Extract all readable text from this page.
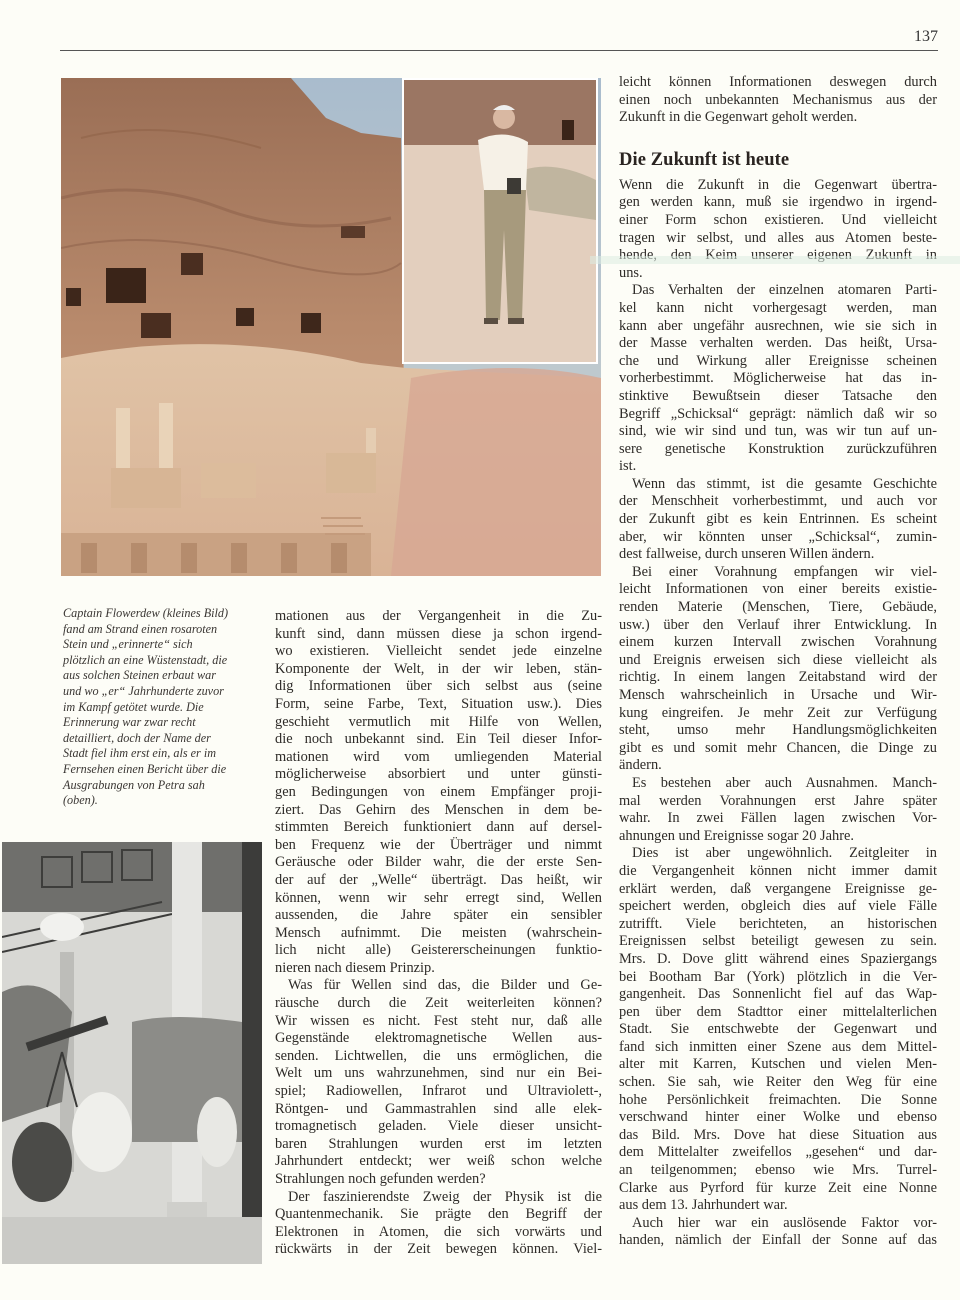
137
Captain Flowerdew (kleines Bild)
fand am Strand einen rosaroten
Stein und „erinnerte“ sich
plötzlich an eine Wüstenstadt, die
aus solchen Steinen erbaut war
und wo „er“ Jahrhunderte zuvor
im Kampf getötet wurde. Die
Erinnerung war zwar recht
detailliert, doch der Name der
Stadt fiel ihm erst ein, als er im
Fernsehen einen Bericht über die
Ausgrabungen von Petra sah
(oben).
mationen aus der Vergangenheit in die Zu-
kunft sind, dann müssen diese ja schon irgend-
wo existieren. Vielleicht sendet jede einzelne
Komponente der Welt, in der wir leben, stän-
dig Informationen über sich selbst aus (seine
Form, seine Farbe, Text, Situation usw.). Dies
geschieht vermutlich mit Hilfe von Wellen,
die noch unbekannt sind. Ein Teil dieser Infor-
mationen wird vom umliegenden Material
möglicherweise absorbiert und unter günsti-
gen Bedingungen von einem Empfänger proji-
ziert. Das Gehirn des Menschen in dem be-
stimmten Bereich funktioniert dann auf dersel-
ben Frequenz wie der Überträger und nimmt
Geräusche oder Bilder wahr, die der erste Sen-
der auf der „Welle“ überträgt. Das heißt, wir
können, wenn wir sehr erregt sind, Wellen
aussenden, die Jahre später ein sensibler
Mensch aufnimmt. Die meisten (wahrschein-
lich nicht alle) Geistererscheinungen funktio-
nieren nach diesem Prinzip.
Was für Wellen sind das, die Bilder und Ge-
räusche durch die Zeit weiterleiten können?
Wir wissen es nicht. Fest steht nur, daß alle
Gegenstände elektromagnetische Wellen aus-
senden. Lichtwellen, die uns ermöglichen, die
Welt um uns wahrzunehmen, sind nur ein Bei-
spiel; Radiowellen, Infrarot und Ultraviolett-,
Röntgen- und Gammastrahlen sind alle elek-
tromagnetisch geladen. Viele dieser unsicht-
baren Strahlungen wurden erst im letzten
Jahrhundert entdeckt; wer weiß schon welche
Strahlungen noch gefunden werden?
Der faszinierendste Zweig der Physik ist die
Quantenmechanik. Sie prägte den Begriff der
Elektronen in Atomen, die sich vorwärts und
rückwärts in der Zeit bewegen können. Viel-
leicht können Informationen deswegen durch
einen noch unbekannten Mechanismus aus der
Zukunft in die Gegenwart geholt werden.
Die Zukunft ist heute
Wenn die Zukunft in die Gegenwart übertra-
gen werden kann, muß sie irgendwo in irgend-
einer Form schon existieren. Und vielleicht
tragen wir selbst, und alles aus Atomen beste-
uns.
Das Verhalten der einzelnen atomaren Parti-
kel kann nicht vorhergesagt werden, man
kann aber ungefähr ausrechnen, wie sie sich in
der Masse verhalten werden. Das heißt, Ursa-
che und Wirkung aller Ereignisse scheinen
vorherbestimmt. Möglicherweise hat das in-
stinktive Bewußtsein dieser Tatsache den
Begriff „Schicksal“ geprägt: nämlich daß wir so
sind, wie wir sind und tun, was wir tun auf un-
sere genetische Konstruktion zurückzuführen
ist.
Wenn das stimmt, ist die gesamte Geschichte
der Menschheit vorherbestimmt, und auch vor
der Zukunft gibt es kein Entrinnen. Es scheint
aber, wir könnten unser „Schicksal“, zumin-
dest fallweise, durch unseren Willen ändern.
Bei einer Vorahnung empfangen wir viel-
leicht Informationen von einer bereits existie-
renden Materie (Menschen, Tiere, Gebäude,
usw.) über den Verlauf ihrer Entwicklung. In
einem kurzen Intervall zwischen Vorahnung
und Ereignis erweisen sich diese vielleicht als
richtig. In einem langen Zeitabstand wird der
Mensch wahrscheinlich in Ursache und Wir-
kung eingreifen. Je mehr Zeit zur Verfügung
steht, umso mehr Handlungsmöglichkeiten
gibt es und somit mehr Chancen, die Dinge zu
ändern.
Es bestehen aber auch Ausnahmen. Manch-
mal werden Vorahnungen erst Jahre später
wahr. In zwei Fällen lagen zwischen Vor-
ahnungen und Ereignisse sogar 20 Jahre.
Dies ist aber ungewöhnlich. Zeitgleiter in
die Vergangenheit können nicht immer damit
erklärt werden, daß vergangene Ereignisse ge-
speichert werden, obgleich dies auf viele Fälle
zutrifft. Viele berichteten, an historischen
Ereignissen selbst beteiligt gewesen zu sein.
Mrs. D. Dove glitt während eines Spaziergangs
bei Bootham Bar (York) plötzlich in die Ver-
gangenheit. Das Sonnenlicht fiel auf das Wap-
pen über dem Stadttor einer mittelalterlichen
Stadt. Sie entschwebte der Gegenwart und
fand sich inmitten einer Szene aus dem Mittel-
alter mit Karren, Kutschen und vielen Men-
schen. Sie sah, wie Reiter den Weg für eine
hohe Persönlichkeit freimachten. Die Sonne
verschwand hinter einer Wolke und ebenso
das Bild. Mrs. Dove hat diese Situation aus
dem Mittelalter zweifellos „gesehen“ und dar-
an teilgenommen; ebenso wie Mrs. Turrel-
Clarke aus Pyrford für kurze Zeit eine Nonne
aus dem 13. Jahrhundert war.
Auch hier war ein auslösende Faktor vor-
handen, nämlich der Einfall der Sonne auf das
